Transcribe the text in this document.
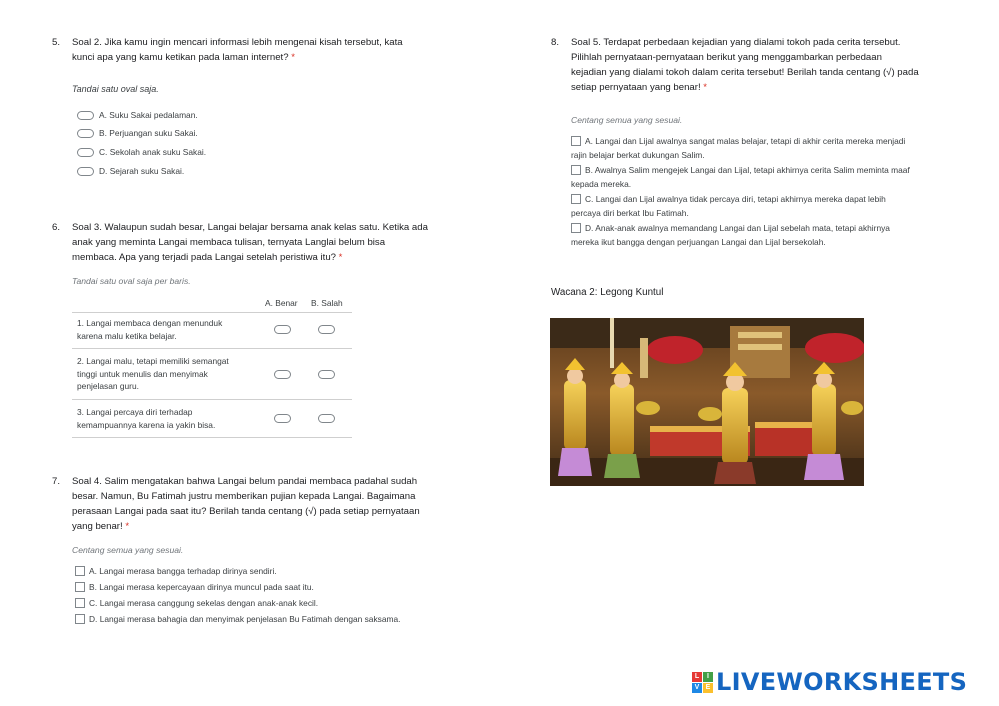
5. Soal 2. Jika kamu ingin mencari informasi lebih mengenai kisah tersebut, kata
kunci apa yang kamu ketikan pada laman internet? *
Tandai satu oval saja.
A. Suku Sakai pedalaman.
B. Perjuangan suku Sakai.
C. Sekolah anak suku Sakai.
D. Sejarah suku Sakai.
6. Soal 3. Walaupun sudah besar, Langai belajar bersama anak kelas satu. Ketika ada
anak yang meminta Langai membaca tulisan, ternyata Langlai belum bisa
membaca. Apa yang terjadi pada Langai setelah peristiwa itu? *
Tandai satu oval saja per baris.
A. Benar B. Salah
1. Langai membaca dengan menunduk
karena malu ketika belajar.
2. Langai malu, tetapi memiliki semangat
tinggi untuk menulis dan menyimak
penjelasan guru.
3. Langai percaya diri terhadap
kemampuannya karena ia yakin bisa.
7. Soal 4. Salim mengatakan bahwa Langai belum pandai membaca padahal sudah
besar. Namun, Bu Fatimah justru memberikan pujian kepada Langai. Bagaimana
perasaan Langai pada saat itu? Berilah tanda centang (√) pada setiap pernyataan
yang benar! *
Centang semua yang sesuai.
A. Langai merasa bangga terhadap dirinya sendiri.
B. Langai merasa kepercayaan dirinya muncul pada saat itu.
C. Langai merasa canggung sekelas dengan anak-anak kecil.
D. Langai merasa bahagia dan menyimak penjelasan Bu Fatimah dengan saksama.
8. Soal 5. Terdapat perbedaan kejadian yang dialami tokoh pada cerita tersebut.
Pilihlah pernyataan-pernyataan berikut yang menggambarkan perbedaan
kejadian yang dialami tokoh dalam cerita tersebut! Berilah tanda centang (√) pada
setiap pernyataan yang benar! *
Centang semua yang sesuai.
A. Langai dan Lijal awalnya sangat malas belajar, tetapi di akhir cerita mereka menjadi
rajin belajar berkat dukungan Salim.
B. Awalnya Salim mengejek Langai dan Lijal, tetapi akhirnya cerita Salim meminta maaf
kepada mereka.
C. Langai dan Lijal awalnya tidak percaya diri, tetapi akhirnya mereka dapat lebih
percaya diri berkat Ibu Fatimah.
D. Anak-anak awalnya memandang Langai dan Lijal sebelah mata, tetapi akhirnya
mereka ikut bangga dengan perjuangan Langai dan Lijal bersekolah.
Wacana 2: Legong Kuntul
L	I
V E LIVEWORKSHEETS
